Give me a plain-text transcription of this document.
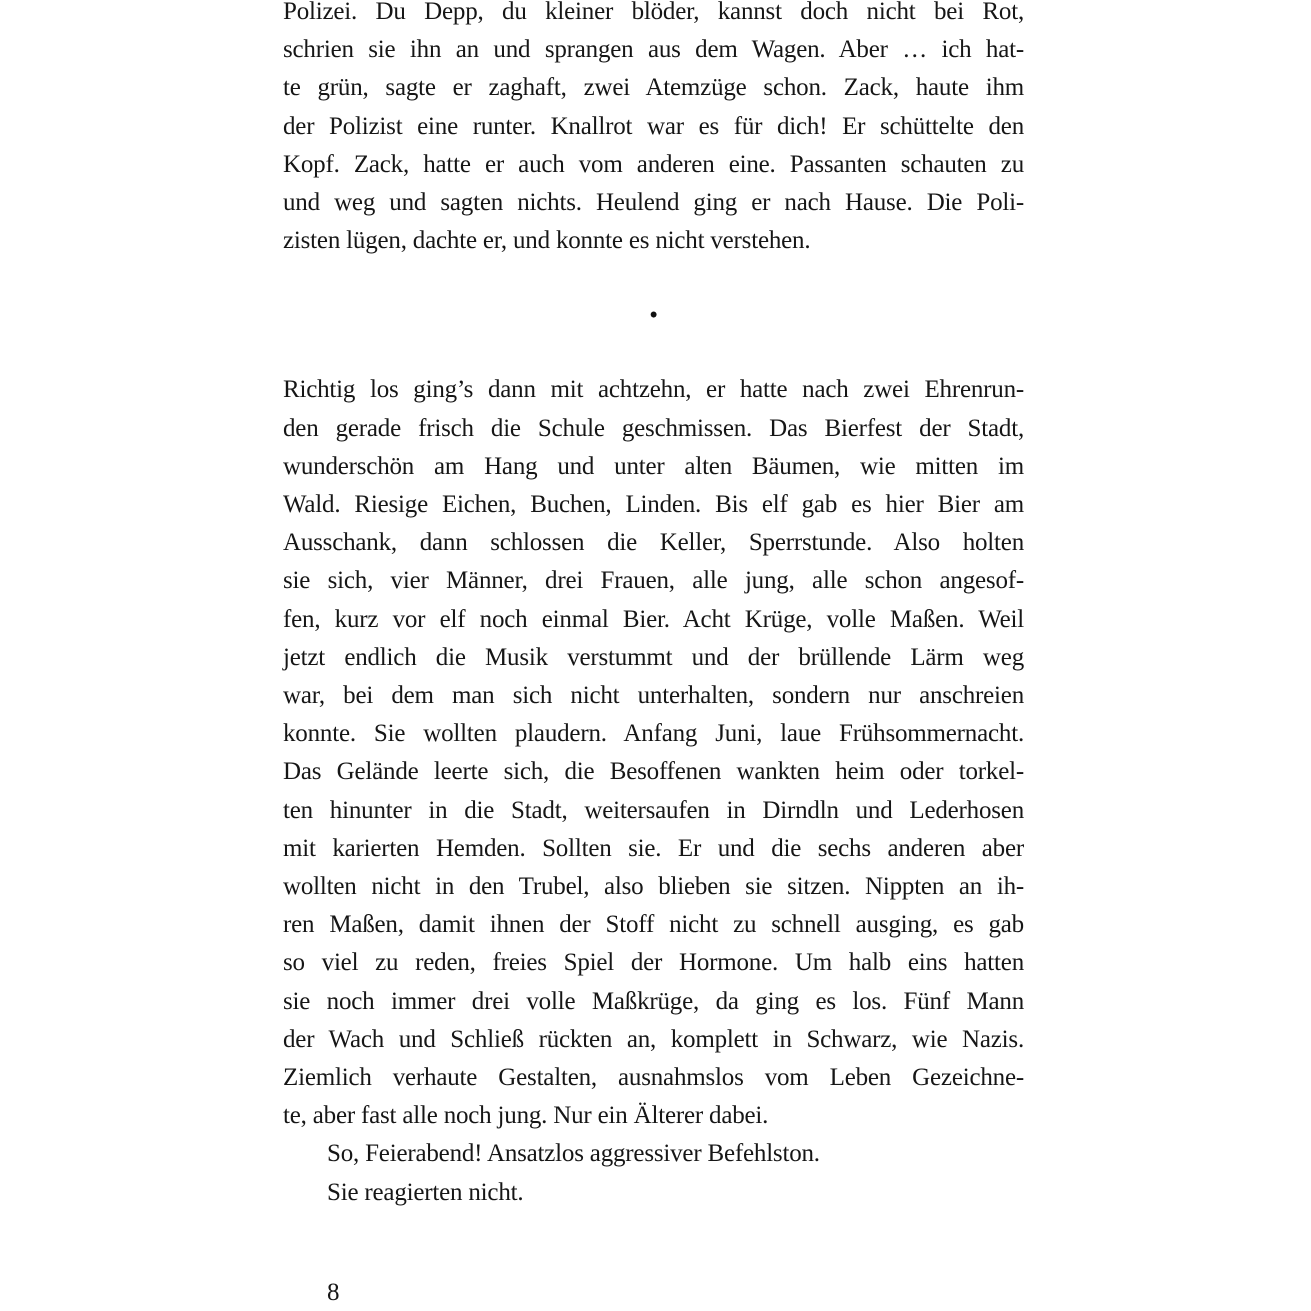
Polizei. Du Depp, du kleiner blöder, kannst doch nicht bei Rot,
schrien sie ihn an und sprangen aus dem Wagen. Aber … ich hat-
te grün, sagte er zaghaft, zwei Atemzüge schon. Zack, haute ihm
der Polizist eine runter. Knallrot war es für dich! Er schüttelte den
Kopf. Zack, hatte er auch vom anderen eine. Passanten schauten zu
und weg und sagten nichts. Heulend ging er nach Hause. Die Poli-
zisten lügen, dachte er, und konnte es nicht verstehen.
•
Richtig los ging’s dann mit achtzehn, er hatte nach zwei Ehrenrun-
den gerade frisch die Schule geschmissen. Das Bierfest der Stadt,
wunderschön am Hang und unter alten Bäumen, wie mitten im
Wald. Riesige Eichen, Buchen, Linden. Bis elf gab es hier Bier am
Ausschank, dann schlossen die Keller, Sperrstunde. Also holten
sie sich, vier Männer, drei Frauen, alle jung, alle schon angesof-
fen, kurz vor elf noch einmal Bier. Acht Krüge, volle Maßen. Weil
jetzt endlich die Musik verstummt und der brüllende Lärm weg
war, bei dem man sich nicht unterhalten, sondern nur anschreien
konnte. Sie wollten plaudern. Anfang Juni, laue Frühsommernacht.
Das Gelände leerte sich, die Besoffenen wankten heim oder torkel-
ten hinunter in die Stadt, weitersaufen in Dirndln und Lederhosen
mit karierten Hemden. Sollten sie. Er und die sechs anderen aber
wollten nicht in den Trubel, also blieben sie sitzen. Nippten an ih-
ren Maßen, damit ihnen der Stoff nicht zu schnell ausging, es gab
so viel zu reden, freies Spiel der Hormone. Um halb eins hatten
sie noch immer drei volle Maßkrüge, da ging es los. Fünf Mann
der Wach und Schließ rückten an, komplett in Schwarz, wie Nazis.
Ziemlich verhaute Gestalten, ausnahmslos vom Leben Gezeichne-
te, aber fast alle noch jung. Nur ein Älterer dabei.
So, Feierabend! Ansatzlos aggressiver Befehlston.
Sie reagierten nicht.
8
